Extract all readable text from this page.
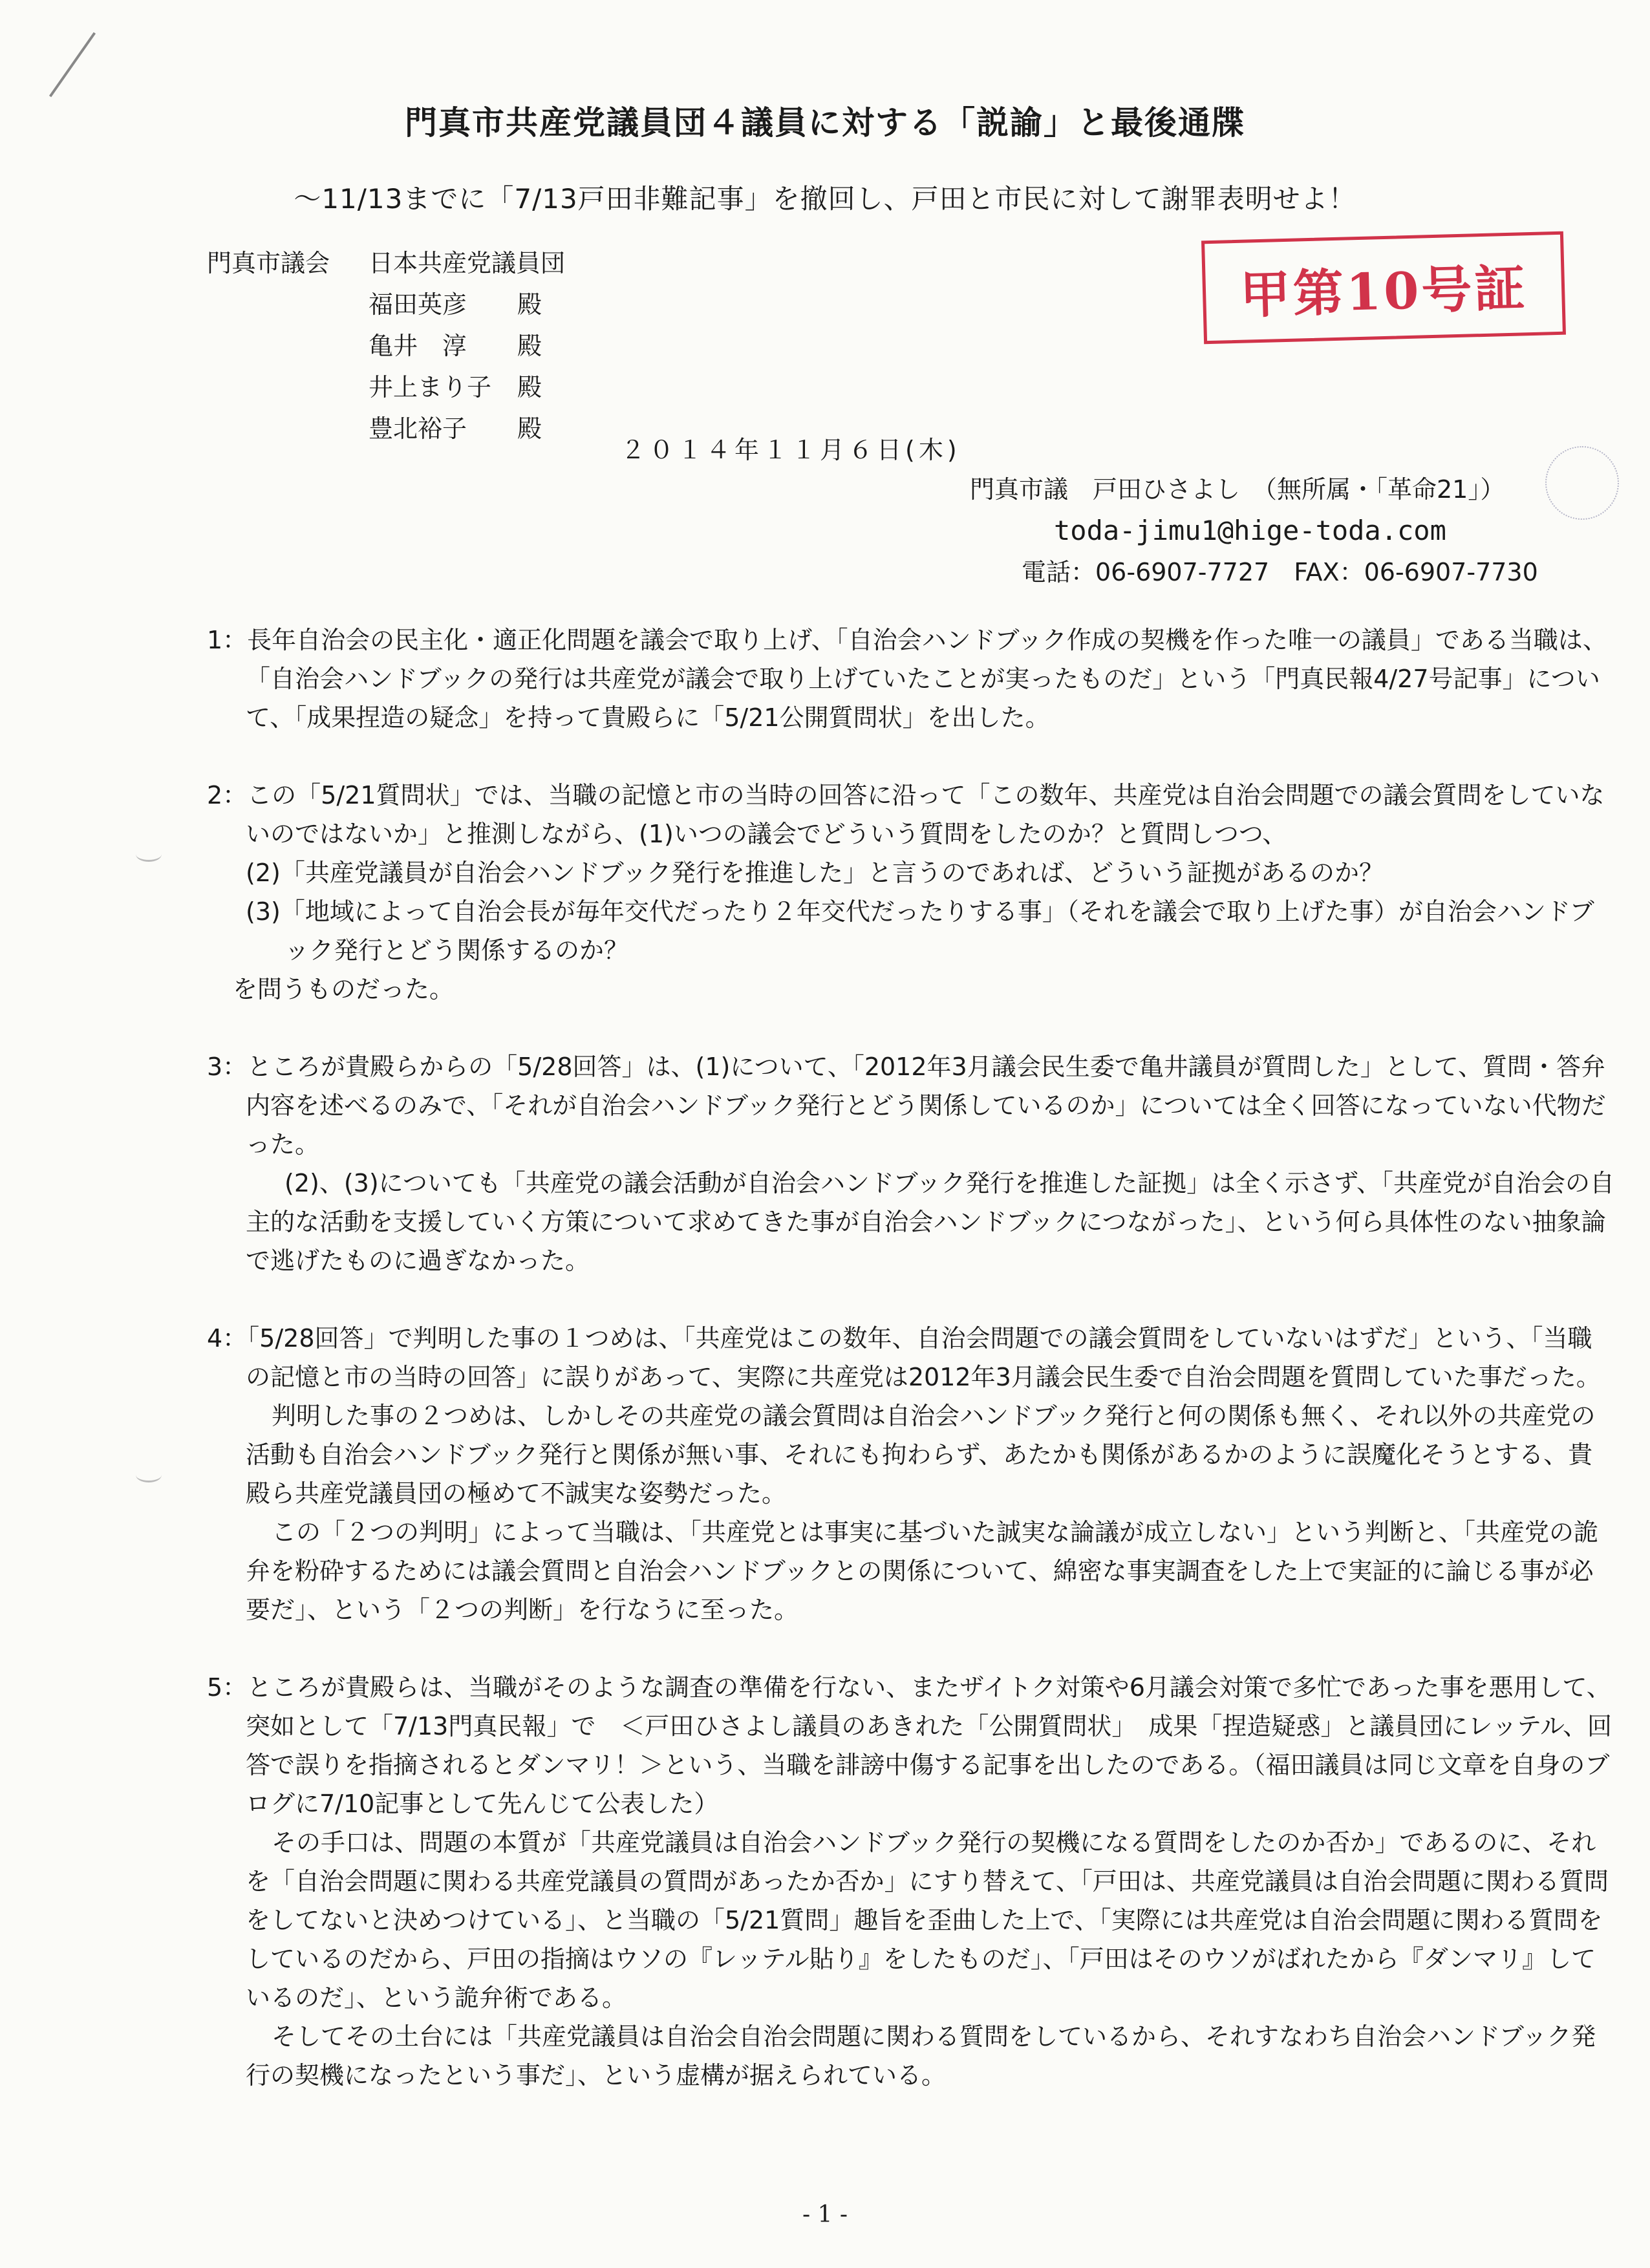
門真市共産党議員団４議員に対する「説諭」と最後通牒
～11/13までに「7/13戸田非難記事」を撤回し、戸田と市民に対して謝罪表明せよ！
門真市議会	日本共産党議員団
福田英彦	殿
亀井　淳	殿
井上まり子	殿
豊北裕子	殿
甲第10号証
２０１４年１１月６日(木)
門真市議　戸田ひさよし　（無所属・「革命21」）
toda-jimu1@hige-toda.com
電話：06-6907-7727　FAX：06-6907-7730

1：長年自治会の民主化・適正化問題を議会で取り上げ、「自治会ハンドブック作成の契機を作った唯一の議員」である当職は、「自治会ハンドブックの発行は共産党が議会で取り上げていたことが実ったものだ」という「門真民報4/27号記事」について、「成果捏造の疑念」を持って貴殿らに「5/21公開質問状」を出した。

2：この「5/21質問状」では、当職の記憶と市の当時の回答に沿って「この数年、共産党は自治会問題での議会質問をしていないのではないか」と推測しながら、(1)いつの議会でどういう質問をしたのか？と質問しつつ、

(2)「共産党議員が自治会ハンドブック発行を推進した」と言うのであれば、どういう証拠があるのか？

(3)「地域によって自治会長が毎年交代だったり２年交代だったりする事」（それを議会で取り上げた事）が自治会ハンドブック発行とどう関係するのか？

を問うものだった。

3：ところが貴殿らからの「5/28回答」は、(1)について、「2012年3月議会民生委で亀井議員が質問した」として、質問・答弁内容を述べるのみで、「それが自治会ハンドブック発行とどう関係しているのか」については全く回答になっていない代物だった。

(2)、(3)についても「共産党の議会活動が自治会ハンドブック発行を推進した証拠」は全く示さず、「共産党が自治会の自主的な活動を支援していく方策について求めてきた事が自治会ハンドブックにつながった」、という何ら具体性のない抽象論で逃げたものに過ぎなかった。

4：「5/28回答」で判明した事の１つめは、「共産党はこの数年、自治会問題での議会質問をしていないはずだ」という、「当職の記憶と市の当時の回答」に誤りがあって、実際に共産党は2012年3月議会民生委で自治会問題を質問していた事だった。

判明した事の２つめは、しかしその共産党の議会質問は自治会ハンドブック発行と何の関係も無く、それ以外の共産党の活動も自治会ハンドブック発行と関係が無い事、それにも拘わらず、あたかも関係があるかのように誤魔化そうとする、貴殿ら共産党議員団の極めて不誠実な姿勢だった。

この「２つの判明」によって当職は、「共産党とは事実に基づいた誠実な論議が成立しない」という判断と、「共産党の詭弁を粉砕するためには議会質問と自治会ハンドブックとの関係について、綿密な事実調査をした上で実証的に論じる事が必要だ」、という「２つの判断」を行なうに至った。

5：ところが貴殿らは、当職がそのような調査の準備を行ない、またザイトク対策や6月議会対策で多忙であった事を悪用して、突如として「7/13門真民報」で　＜戸田ひさよし議員のあきれた「公開質問状」　成果「捏造疑惑」と議員団にレッテル、回答で誤りを指摘されるとダンマリ！＞という、当職を誹謗中傷する記事を出したのである。（福田議員は同じ文章を自身のブログに7/10記事として先んじて公表した）

その手口は、問題の本質が「共産党議員は自治会ハンドブック発行の契機になる質問をしたのか否か」であるのに、それを「自治会問題に関わる共産党議員の質問があったか否か」にすり替えて、「戸田は、共産党議員は自治会問題に関わる質問をしてないと決めつけている」、と当職の「5/21質問」趣旨を歪曲した上で、「実際には共産党は自治会問題に関わる質問をしているのだから、戸田の指摘はウソの『レッテル貼り』をしたものだ」、「戸田はそのウソがばれたから『ダンマリ』しているのだ」、という詭弁術である。

そしてその土台には「共産党議員は自治会自治会問題に関わる質問をしているから、それすなわち自治会ハンドブック発行の契機になったという事だ」、という虚構が据えられている。

- 1 -
